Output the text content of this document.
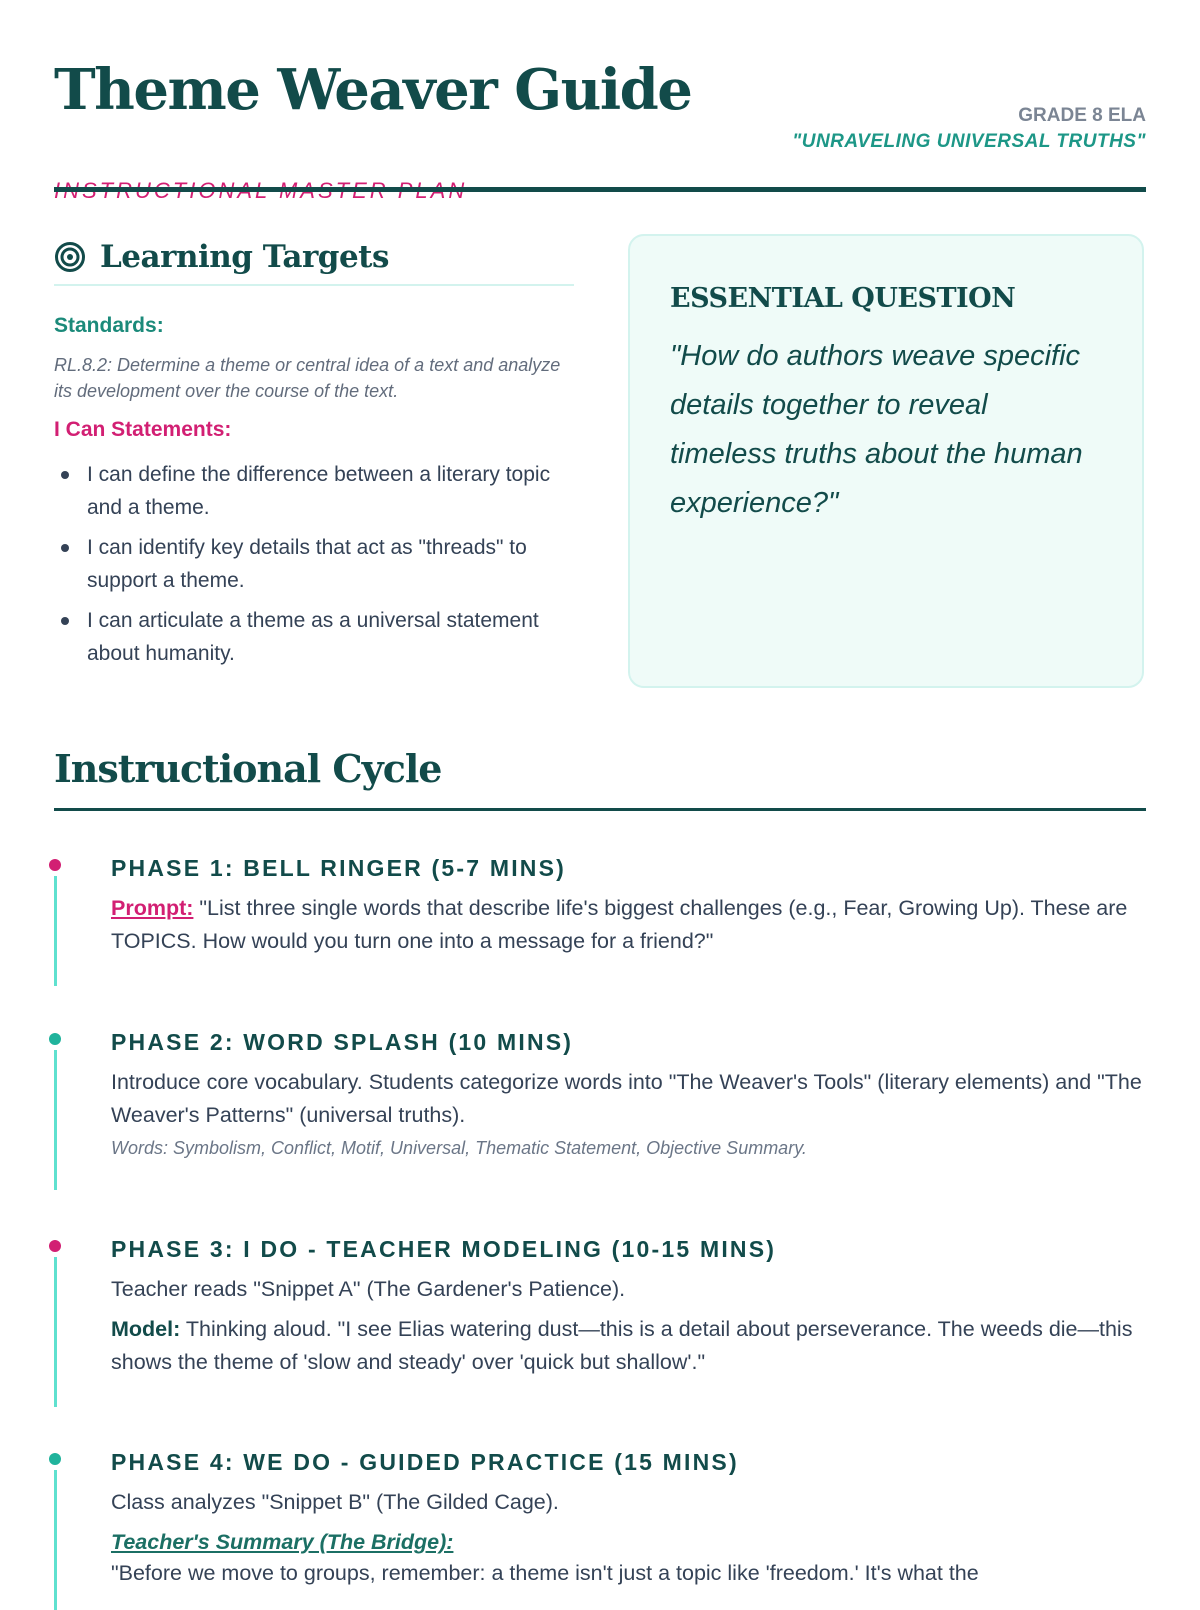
Theme Weaver Guide	GRADE 8 ELA

"UNRAVELING UNIVERSAL TRUTHS"

Learning Targets
Standards:
RL.8.2: Determine a theme or central idea of a text and analyze its development over the course of the text.
I Can Statements:
I can define the difference between a literary topic and a theme.
I can identify key details that act as "threads" to support a theme.
I can articulate a theme as a universal statement about humanity.
ESSENTIAL QUESTION
"How do authors weave specific details together to reveal timeless truths about the human experience?"
Instructional Cycle
PHASE 1: BELL RINGER (5-7 MINS)
Prompt: "List three single words that describe life's biggest challenges (e.g., Fear, Growing Up). These are TOPICS. How would you turn one into a message for a friend?"
PHASE 2: WORD SPLASH (10 MINS)
Introduce core vocabulary. Students categorize words into "The Weaver's Tools" (literary elements) and "The Weaver's Patterns" (universal truths).
Words: Symbolism, Conflict, Motif, Universal, Thematic Statement, Objective Summary.
PHASE 3: I DO - TEACHER MODELING (10-15 MINS)
Teacher reads "Snippet A" (The Gardener's Patience).
Model: Thinking aloud. "I see Elias watering dust—this is a detail about perseverance. The weeds die—this shows the theme of 'slow and steady' over 'quick but shallow'."
PHASE 4: WE DO - GUIDED PRACTICE (15 MINS)
Class analyzes "Snippet B" (The Gilded Cage).
Teacher's Summary (The Bridge):
"Before we move to groups, remember: a theme isn't just a topic like 'freedom.' It's what the
